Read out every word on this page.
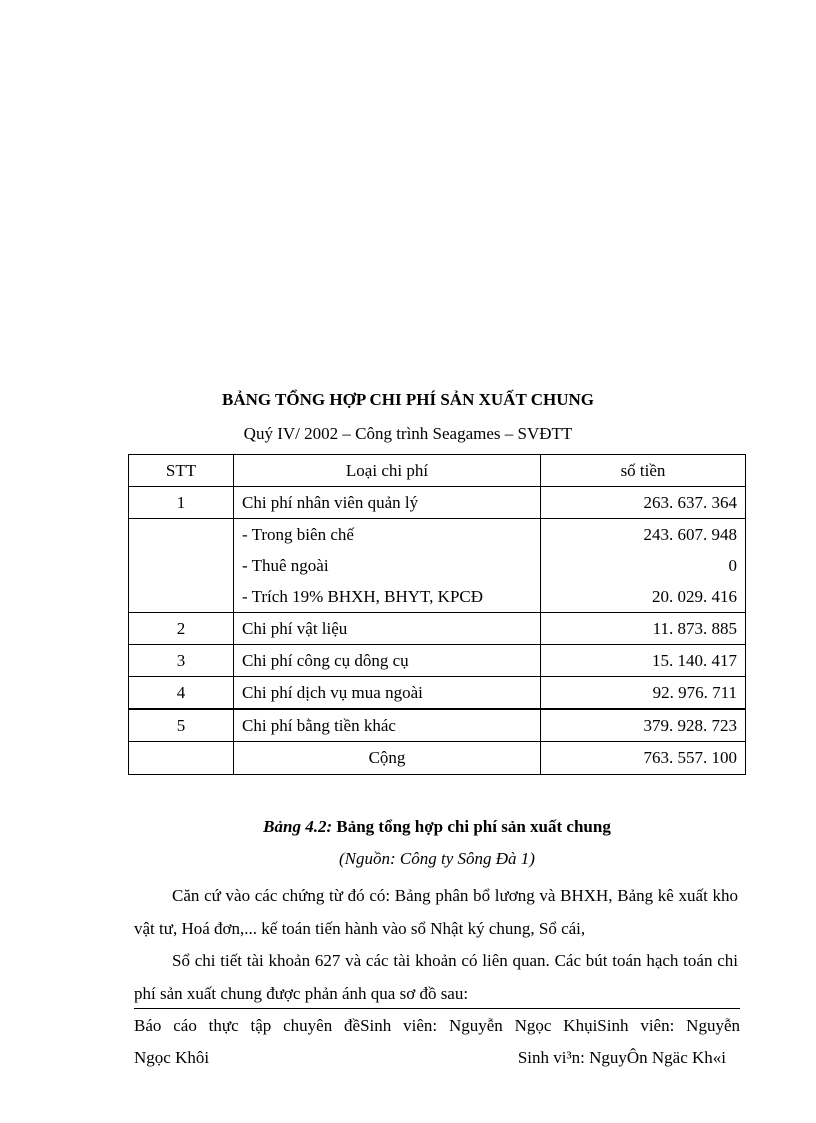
BẢNG TỔNG HỢP CHI PHÍ SẢN XUẤT CHUNG
Quý IV/ 2002 – Công trình Seagames – SVĐTT
STT	Loại chi phí	số tiền
1	Chi phí nhân viên quản lý	263. 637. 364
	- Trong biên chế	243. 607. 948
	- Thuê ngoài	0
	- Trích 19% BHXH, BHYT, KPCĐ	20. 029. 416
2	Chi phí vật liệu	11. 873. 885
3	Chi phí công cụ dông cụ	15. 140. 417
4	Chi phí dịch vụ mua ngoài	92. 976. 711
5	Chi phí bằng tiền khác	379. 928. 723
	Cộng	763. 557. 100
Bảng 4.2: Bảng tổng hợp chi phí sản xuất chung
(Nguồn: Công ty Sông Đà 1)

Căn cứ vào các chứng từ đó có: Bảng phân bổ lương và BHXH, Bảng kê xuất kho vật tư, Hoá đơn,... kế toán tiến hành vào sổ Nhật ký chung, Sổ cái,

Sổ chi tiết tài khoản 627 và các tài khoản có liên quan. Các bút toán hạch toán chi phí sản xuất chung được phản ánh qua sơ đồ sau:

Báo cáo thực tập chuyên đềSinh viên: Nguyễn Ngọc KhụiSinh viên: Nguyễn
Ngọc Khôi	Sinh vi³n: NguyÔn Ngäc Kh«i
